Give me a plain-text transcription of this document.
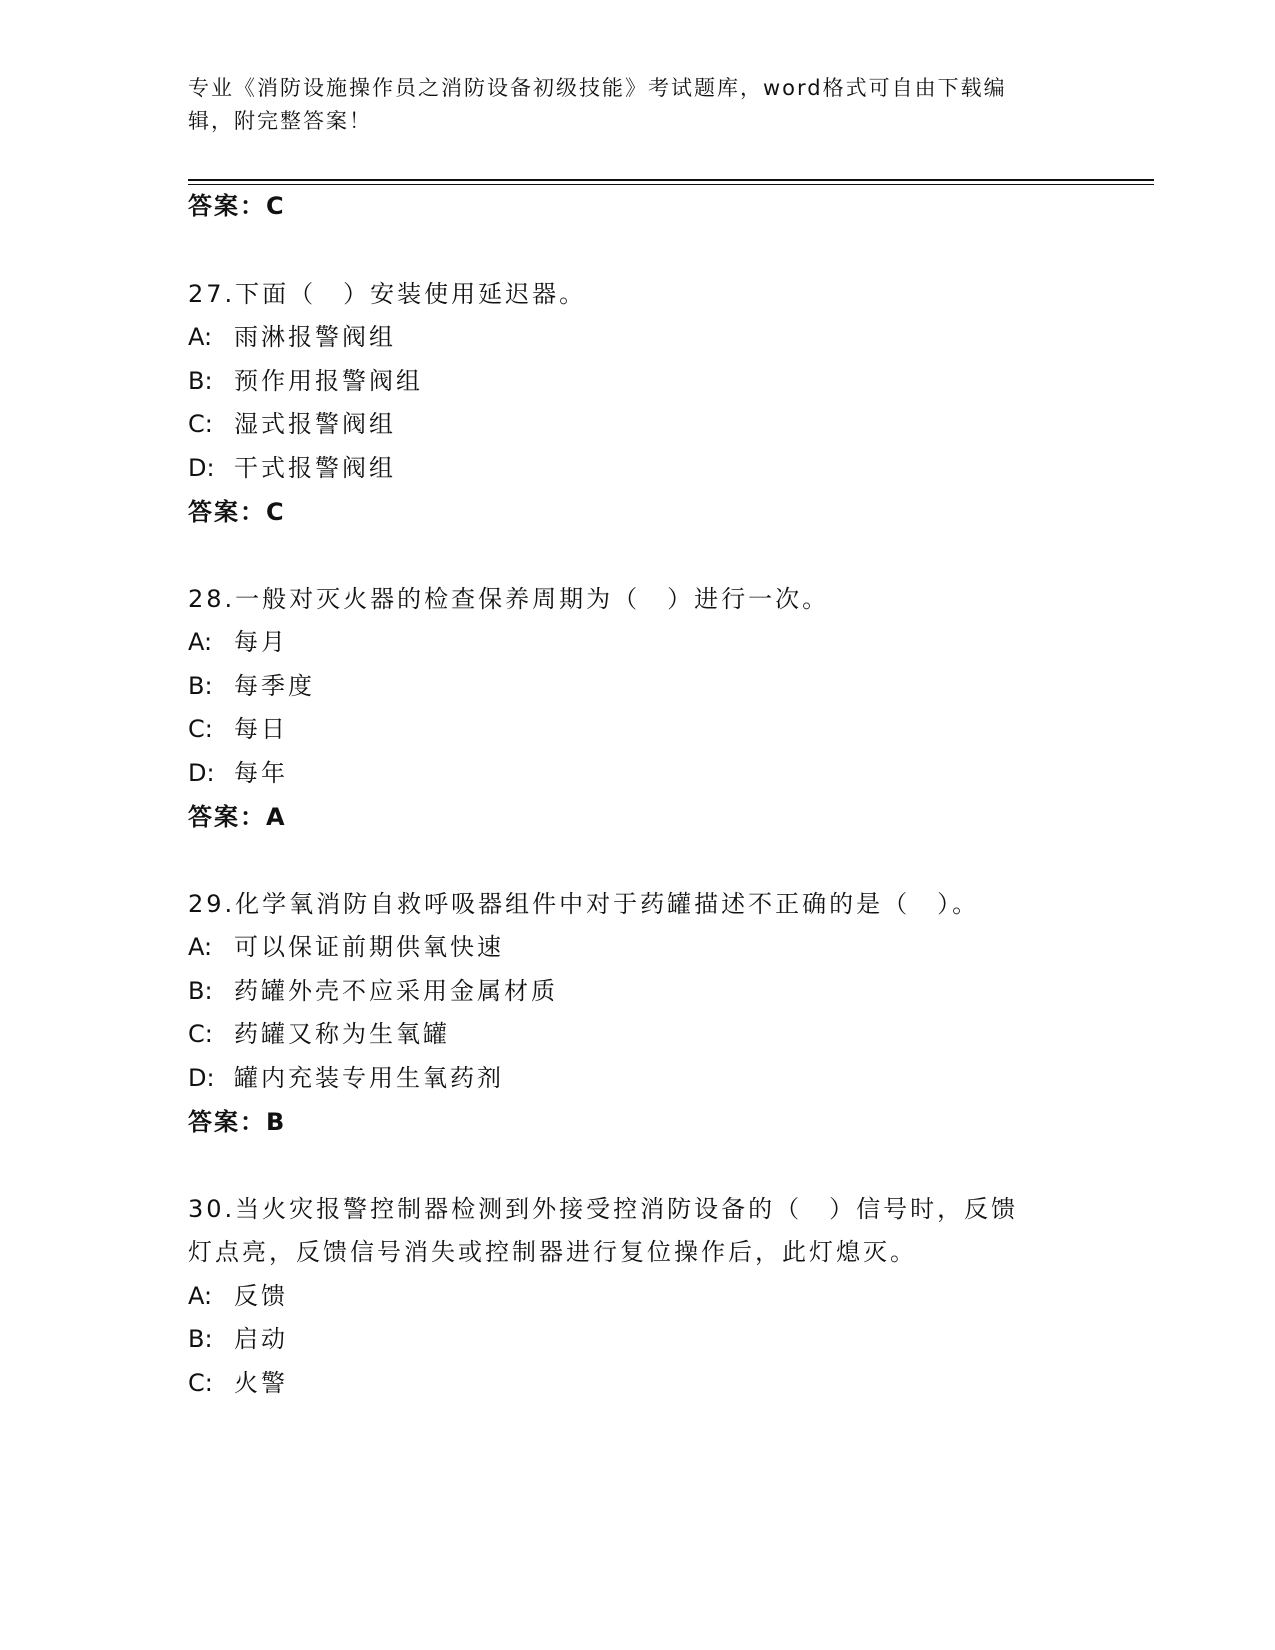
专业《消防设施操作员之消防设备初级技能》考试题库，word格式可自由下载编
辑，附完整答案！
答案：C
27.下面（　）安装使用延迟器。
A: 雨淋报警阀组
B: 预作用报警阀组
C: 湿式报警阀组
D: 干式报警阀组
答案：C
28.一般对灭火器的检查保养周期为（　）进行一次。
A: 每月
B: 每季度
C: 每日
D: 每年
答案：A
29.化学氧消防自救呼吸器组件中对于药罐描述不正确的是（　）。
A: 可以保证前期供氧快速
B: 药罐外壳不应采用金属材质
C: 药罐又称为生氧罐
D: 罐内充装专用生氧药剂
答案：B
30.当火灾报警控制器检测到外接受控消防设备的（　）信号时，反馈
灯点亮，反馈信号消失或控制器进行复位操作后，此灯熄灭。
A: 反馈
B: 启动
C: 火警
